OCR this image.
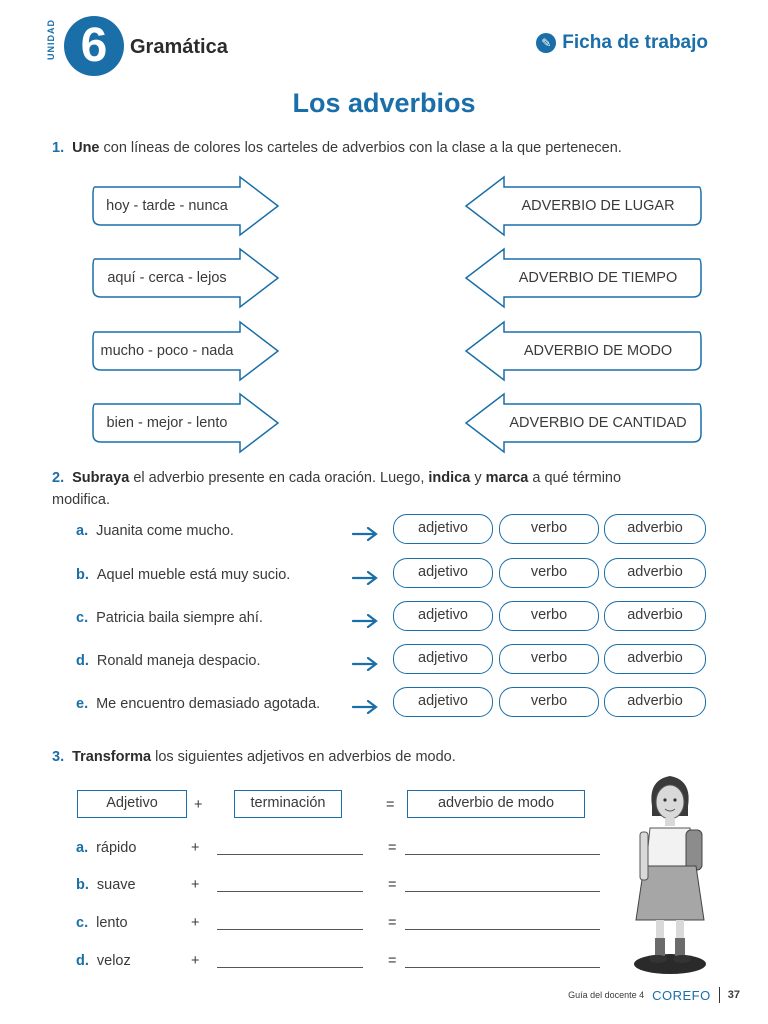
UNIDAD 6	Gramática	✎ Ficha de trabajo
Los adverbios
1. Une con líneas de colores los carteles de adverbios con la clase a la que pertenecen.
hoy - tarde - nunca	ADVERBIO DE LUGAR
aquí - cerca - lejos	ADVERBIO DE TIEMPO
mucho - poco - nada	ADVERBIO DE MODO
bien - mejor - lento	ADVERBIO DE CANTIDAD
2. Subraya el adverbio presente en cada oración. Luego, indica y marca a qué término
modifica.
a. Juanita come mucho.	adjetivo	verbo	adverbio
b. Aquel mueble está muy sucio.	adjetivo	verbo	adverbio
c. Patricia baila siempre ahí.	adjetivo	verbo	adverbio
d. Ronald maneja despacio.	adjetivo	verbo	adverbio
e. Me encuentro demasiado agotada.	adjetivo	verbo	adverbio
3. Transforma los siguientes adjetivos en adverbios de modo.
Adjetivo	+	terminación	=	adverbio de modo
a. rápido	+	=
b. suave	+	=
c. lento	+	=
d. veloz	+	=
Guía del docente 4 COREFO 37
